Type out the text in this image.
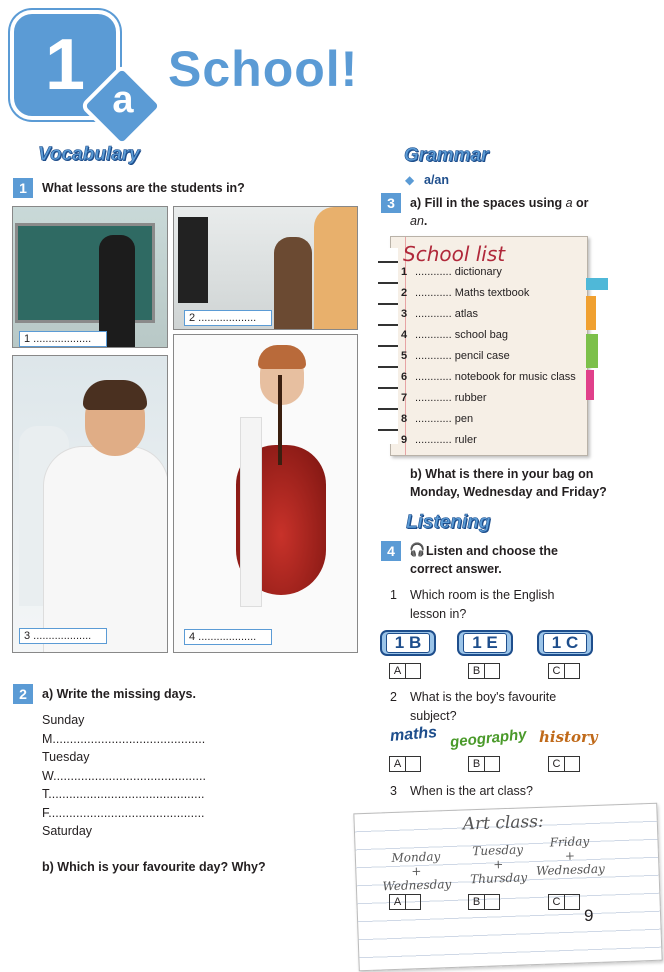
1 a
School!
Vocabulary
1	What lessons are the students in?
1 ...................
2 ...................
3 ...................	4 ...................
2	a) Write the missing days.
Sunday
M............................................
Tuesday
W............................................
T.............................................
F.............................................
Saturday
b) Which is your favourite day? Why?
Grammar
◆ a/an
3	a) Fill in the spaces using a or
an.
School list
1 ............ dictionary
2 ............ Maths textbook
3 ............ atlas
4 ............ school bag
5 ............ pencil case
6 ............ notebook for music class
7 ............ rubber
8 ............ pen
9 ............ ruler
b) What is there in your bag on
Monday, Wednesday and Friday?
Listening
4	🎧 Listen and choose the
correct answer.
1	Which room is the English
lesson in?
1 B	1 E	1 C
A	B	C
2	What is the boy's favourite
subject?
maths geography history
A	B	C
3 When is the art class?
Art class:
Monday
+
Wednesday
Tuesday
+
Thursday
Friday
+
Wednesday
A	B	C
9
